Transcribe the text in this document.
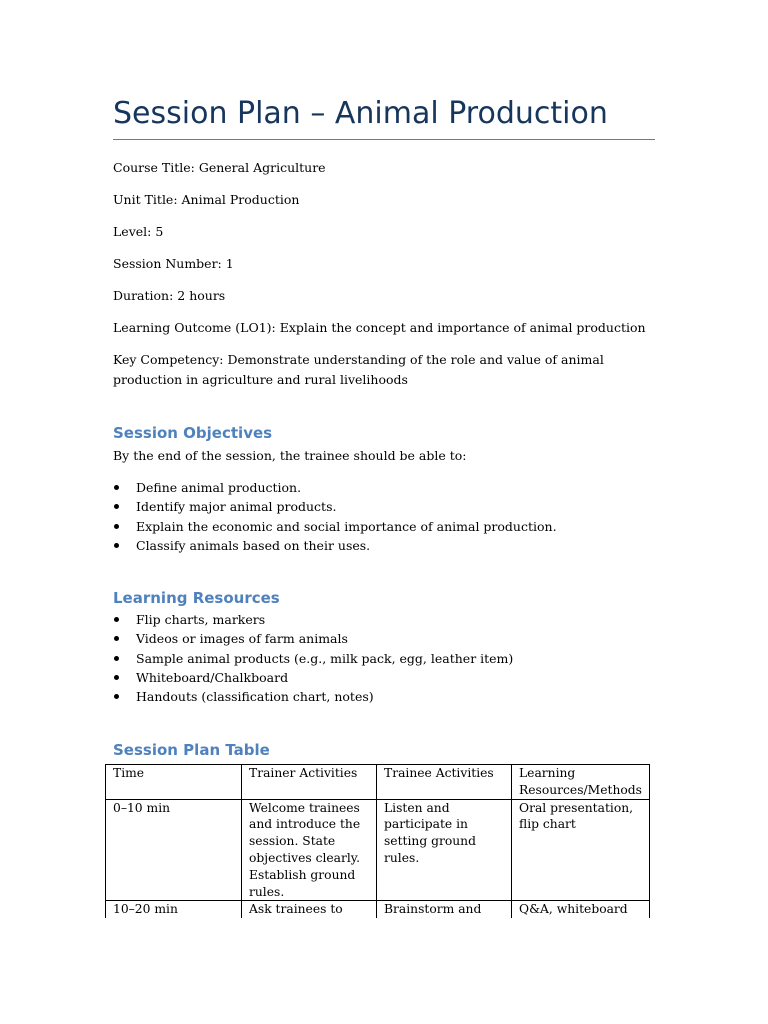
Session Plan – Animal Production
Course Title: General Agriculture
Unit Title: Animal Production
Level: 5
Session Number: 1
Duration: 2 hours
Learning Outcome (LO1): Explain the concept and importance of animal production
Key Competency: Demonstrate understanding of the role and value of animal production in agriculture and rural livelihoods
Session Objectives
By the end of the session, the trainee should be able to:
Define animal production.
Identify major animal products.
Explain the economic and social importance of animal production.
Classify animals based on their uses.
Learning Resources
Flip charts, markers
Videos or images of farm animals
Sample animal products (e.g., milk pack, egg, leather item)
Whiteboard/Chalkboard
Handouts (classification chart, notes)
Session Plan Table
Time	Trainer Activities	Trainee Activities	Learning Resources/Methods
0–10 min	Welcome trainees and introduce the session. State objectives clearly. Establish ground rules.	Listen and participate in setting ground rules.	Oral presentation, flip chart
10–20 min	Ask trainees to	Brainstorm and	Q&A, whiteboard
